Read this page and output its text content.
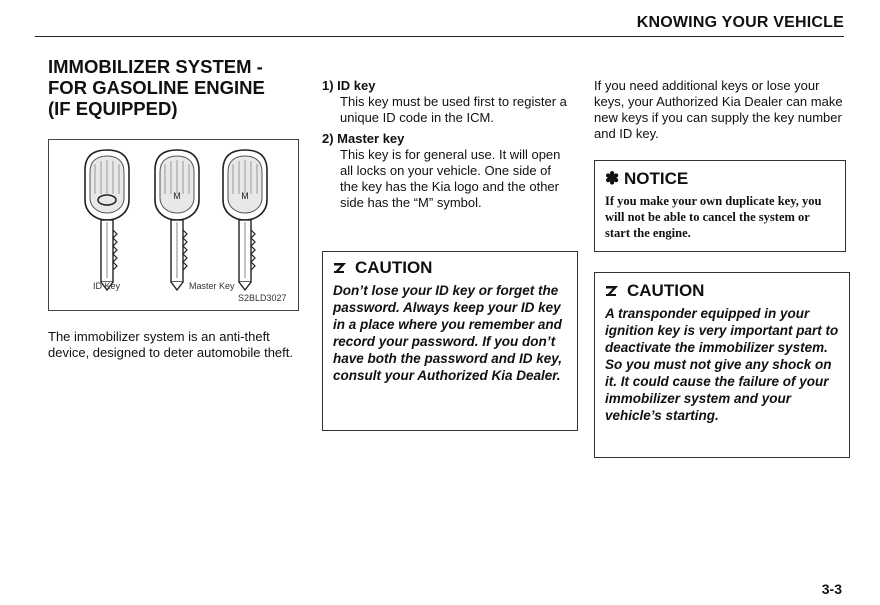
KNOWING YOUR VEHICLE
IMMOBILIZER SYSTEM -
FOR GASOLINE ENGINE
(IF EQUIPPED)
M	M
ID Key	Master Key
S2BLD3027

The immobilizer system is an anti-theft device, designed to deter automobile theft.

1) ID key
This key must be used first to register a unique ID code in the ICM.
2) Master key
This key is for general use. It will open all locks on your vehicle. One side of the key has the Kia logo and the other side has the “M” symbol.
CAUTION
Don’t lose your ID key or forget the password. Always keep your ID key in a place where you remember and record your password. If you don’t have both the password and ID key, consult your Authorized Kia Dealer.
If you need additional keys or lose your keys, your Authorized Kia Dealer can make new keys if you can supply the key number and ID key.
✽ NOTICE
If you make your own duplicate key, you will not be able to cancel the system or start the engine.
CAUTION
A transponder equipped in your ignition key is very important part to deactivate the immobilizer system. So you must not give any shock on it. It could cause the failure of your immobilizer system and your vehicle’s starting.
3-3
